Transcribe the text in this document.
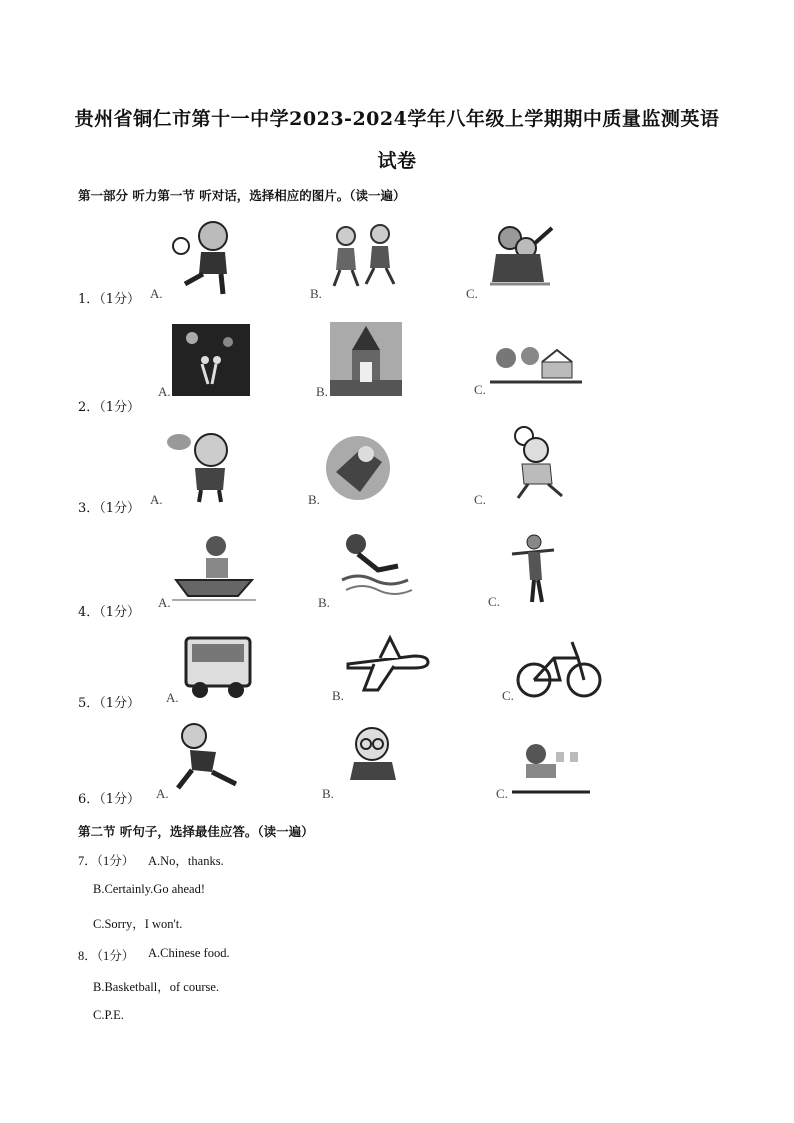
贵州省铜仁市第十一中学2023-2024学年八年级上学期期中质量监测英语
试卷
第一部分 听力第一节 听对话，选择相应的图片。（读一遍）
1．（1分） A.	B.	C.
2．（1分）
A.	B.	C.
3．（1分）
A.	B.	C.
4．（1分）
A.	B.	C.
5．（1分） A.	B.	C.
6．（1分） A.	B.	C.
第二节 听句子，选择最佳应答。（读一遍）
7．（1分） A.No，thanks.
B.Certainly.Go ahead!
C.Sorry，I won't.
8．（1分） A.Chinese food.
B.Basketball，of course.
C.P.E.
